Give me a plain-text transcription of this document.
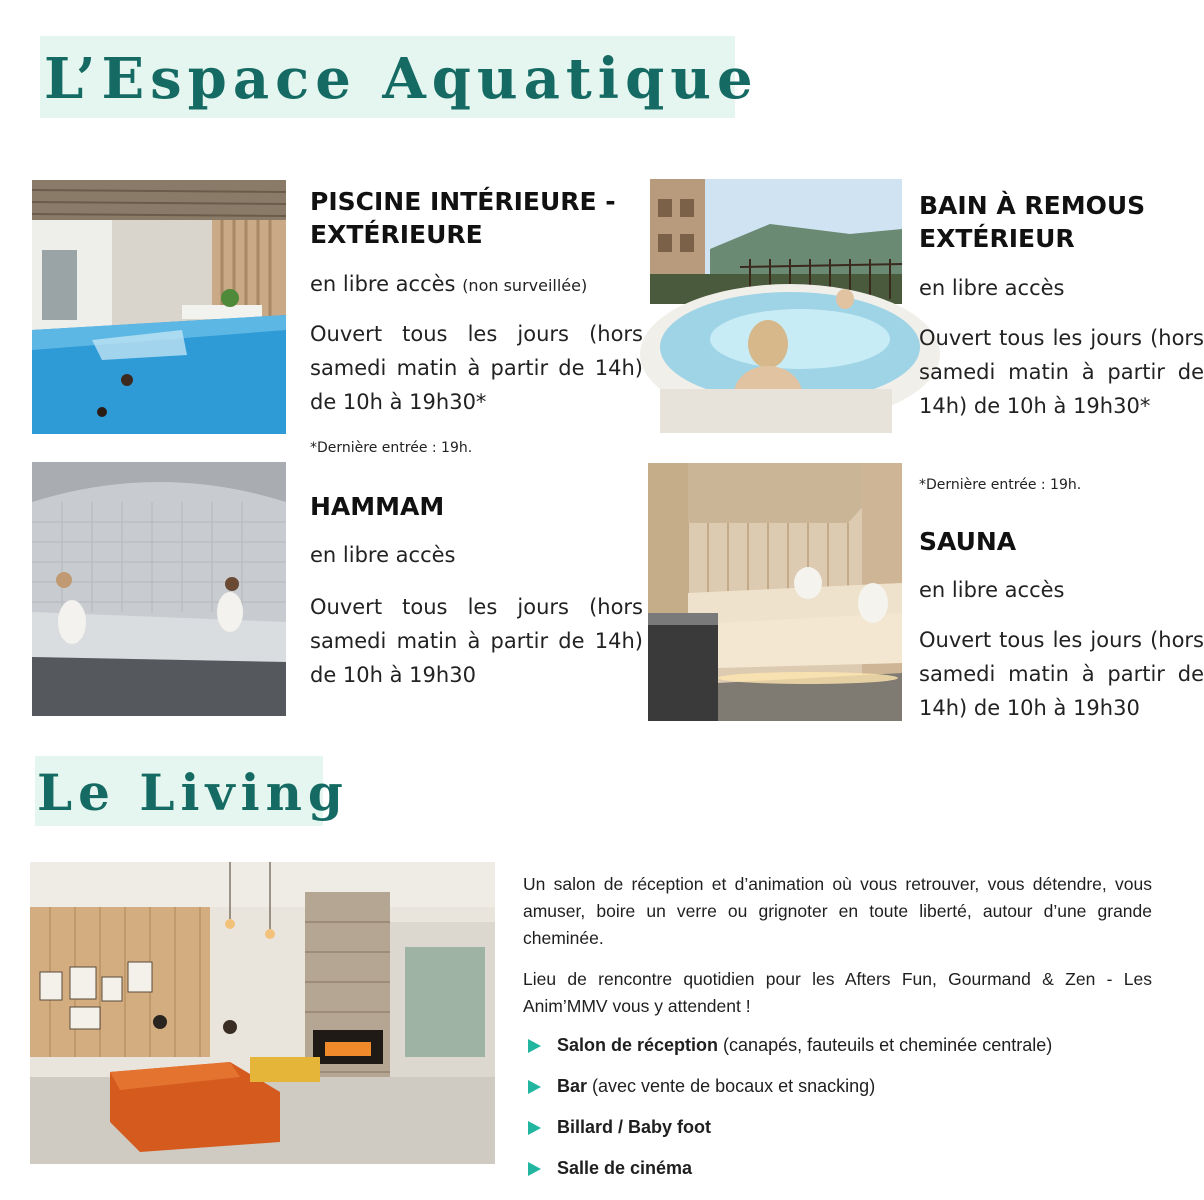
L’Espace Aquatique
PISCINE INTÉRIEURE -
EXTÉRIEURE
en libre accès (non surveillée)
Ouvert tous les jours (hors samedi matin à partir de 14h) de 10h à 19h30*
*Dernière entrée : 19h.
BAIN À REMOUS
EXTÉRIEUR
en libre accès
Ouvert tous les jours (hors samedi matin à partir de 14h) de 10h à 19h30*
*Dernière entrée : 19h.
HAMMAM
en libre accès
Ouvert tous les jours (hors samedi matin à partir de 14h) de 10h à 19h30
SAUNA
en libre accès
Ouvert tous les jours (hors samedi matin à partir de 14h) de 10h à 19h30
Le Living
Un salon de réception et d’animation où vous retrouver, vous détendre, vous amuser, boire un verre ou grignoter en toute liberté, autour d’une grande cheminée.
Lieu de rencontre quotidien pour les Afters Fun, Gourmand & Zen - Les Anim’MMV vous y attendent !
Salon de réception (canapés, fauteuils et cheminée centrale)
Bar (avec vente de bocaux et snacking)
Billard / Baby foot
Salle de cinéma
